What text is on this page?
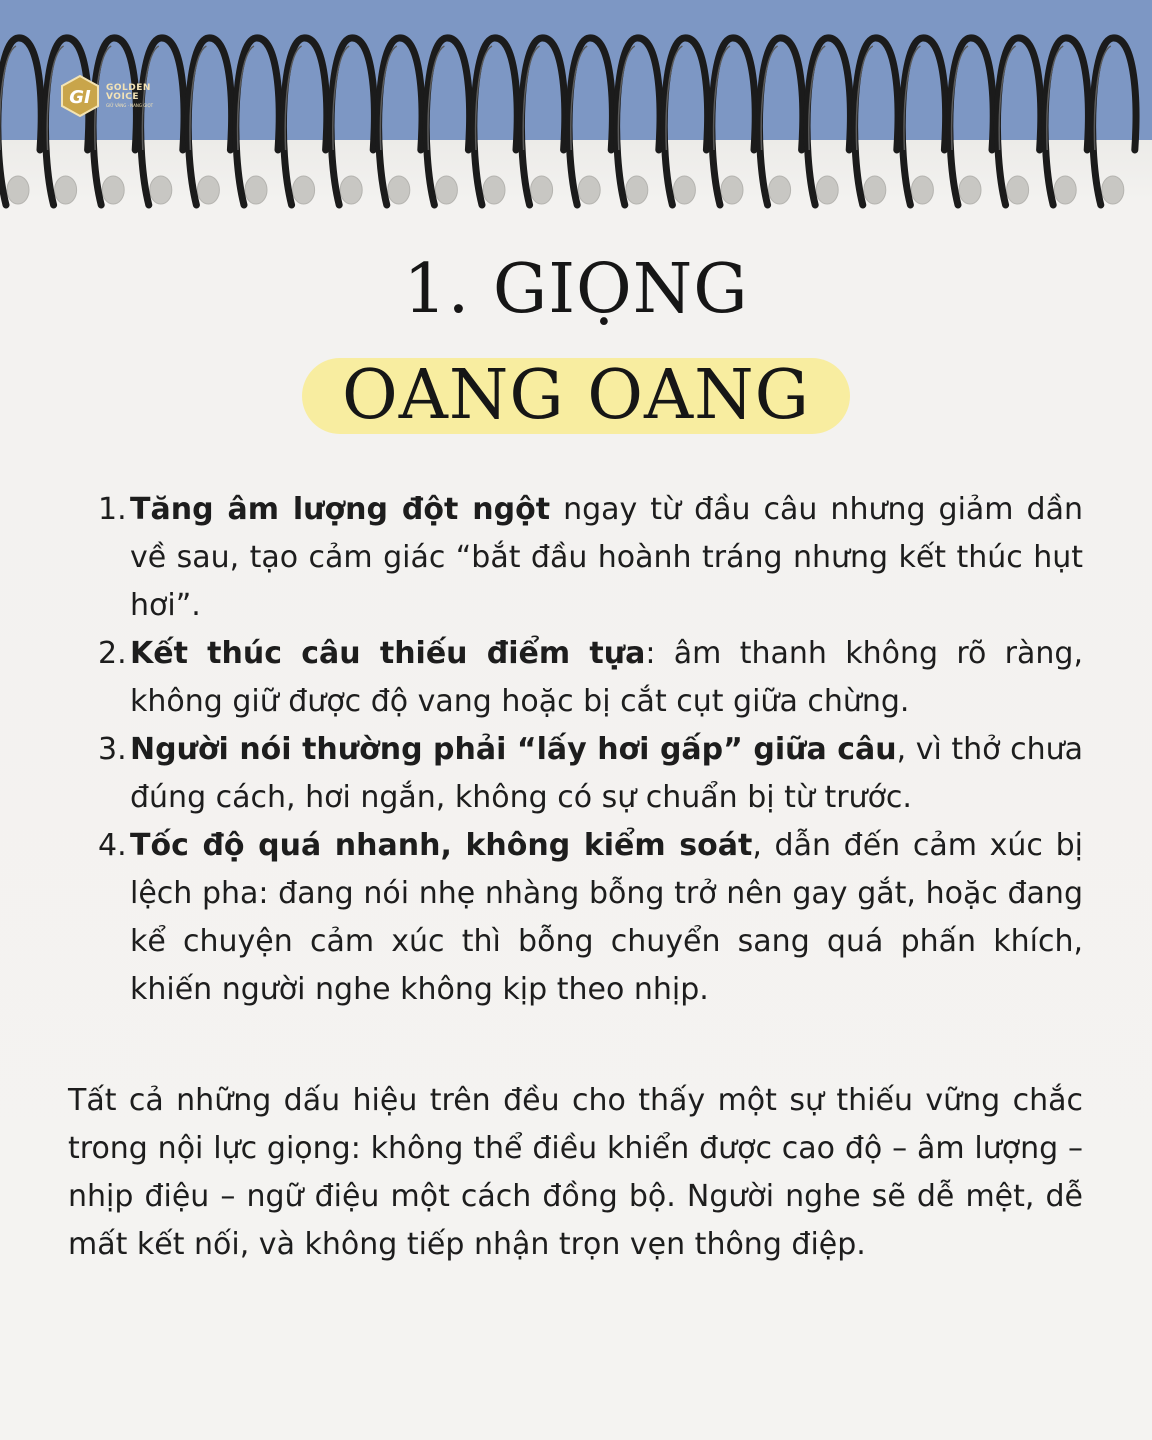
GI GOLDEN
VOICE
GIỮ VÀNG · NANG GIỌT
1. GIỌNG
OANG OANG
1. Tăng âm lượng đột ngột ngay từ đầu câu nhưng giảm dần về sau, tạo cảm giác “bắt đầu hoành tráng nhưng kết thúc hụt hơi”.
2. Kết thúc câu thiếu điểm tựa: âm thanh không rõ ràng, không giữ được độ vang hoặc bị cắt cụt giữa chừng.
3. Người nói thường phải “lấy hơi gấp” giữa câu, vì thở chưa đúng cách, hơi ngắn, không có sự chuẩn bị từ trước.
4. Tốc độ quá nhanh, không kiểm soát, dẫn đến cảm xúc bị lệch pha: đang nói nhẹ nhàng bỗng trở nên gay gắt, hoặc đang kể chuyện cảm xúc thì bỗng chuyển sang quá phấn khích, khiến người nghe không kịp theo nhịp.

Tất cả những dấu hiệu trên đều cho thấy một sự thiếu vững chắc trong nội lực giọng: không thể điều khiển được cao độ – âm lượng – nhịp điệu – ngữ điệu một cách đồng bộ. Người nghe sẽ dễ mệt, dễ mất kết nối, và không tiếp nhận trọn vẹn thông điệp.
